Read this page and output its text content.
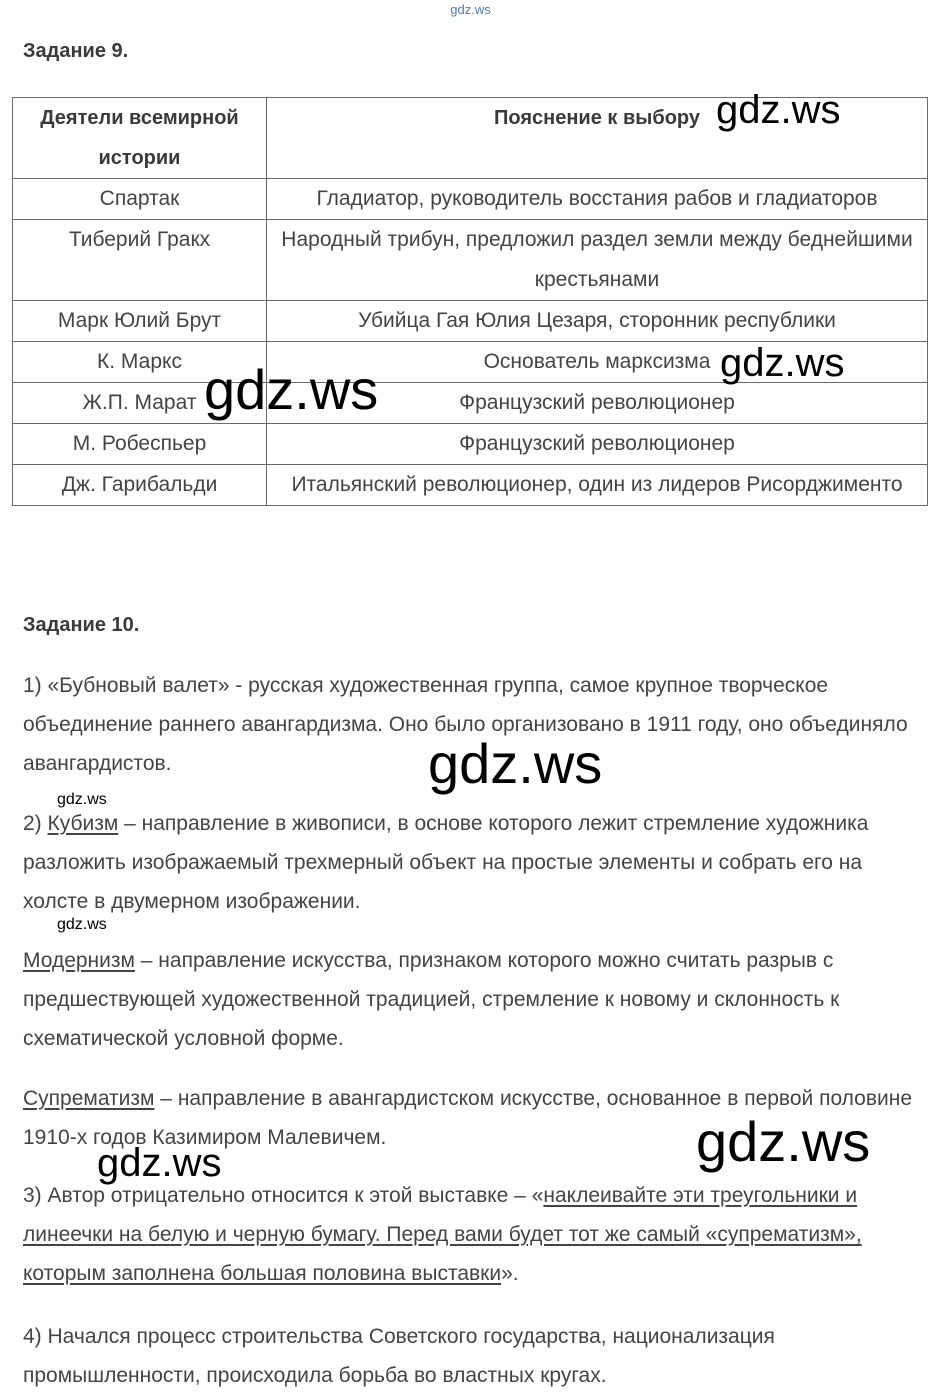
gdz.ws
Задание 9.
Деятели всемирной истории	Пояснение к выбору
Спартак	Гладиатор, руководитель восстания рабов и гладиаторов
Тиберий Гракх	Народный трибун, предложил раздел земли между беднейшими крестьянами
Марк Юлий Брут	Убийца Гая Юлия Цезаря, сторонник республики
К. Маркс	Основатель марксизма
Ж.П. Марат	Французский революционер
М. Робеспьер	Французский революционер
Дж. Гарибальди	Итальянский революционер, один из лидеров Рисорджименто
Задание 10.
1) «Бубновый валет» - русская художественная группа, самое крупное творческое объединение раннего авангардизма. Оно было организовано в 1911 году, оно объединяло авангардистов.
2) Кубизм – направление в живописи, в основе которого лежит стремление художника разложить изображаемый трехмерный объект на простые элементы и собрать его на холсте в двумерном изображении.
Модернизм – направление искусства, признаком которого можно считать разрыв с предшествующей художественной традицией, стремление к новому и склонность к схематической условной форме.
Супрематизм – направление в авангардистском искусстве, основанное в первой половине 1910-х годов Казимиром Малевичем.
3) Автор отрицательно относится к этой выставке – «наклеивайте эти треугольники и линеечки на белую и черную бумагу. Перед вами будет тот же самый «супрематизм», которым заполнена большая половина выставки».
4) Начался процесс строительства Советского государства, национализация промышленности, происходила борьба во властных кругах.
gdz.ws
gdz.ws
gdz.ws
gdz.ws
gdz.ws
gdz.ws
gdz.ws
gdz.ws
